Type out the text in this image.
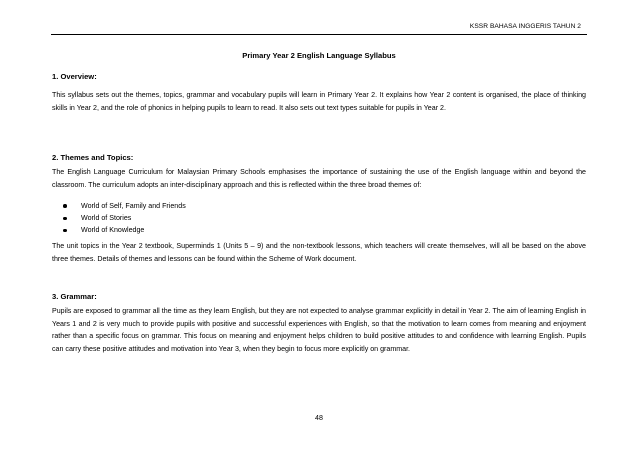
KSSR BAHASA INGGERIS TAHUN 2
Primary Year 2 English Language Syllabus
1. Overview:

This syllabus sets out the themes, topics, grammar and vocabulary pupils will learn in Primary Year 2. It explains how Year 2 content is organised, the place of thinking skills in Year 2, and the role of phonics in helping pupils to learn to read. It also sets out text types suitable for pupils in Year 2.

2. Themes and Topics:

The English Language Curriculum for Malaysian Primary Schools emphasises the importance of sustaining the use of the English language within and beyond the classroom. The curriculum adopts an inter-disciplinary approach and this is reflected within the three broad themes of:

World of Self, Family and Friends
World of Stories
World of Knowledge

The unit topics in the Year 2 textbook, Superminds 1 (Units 5 – 9) and the non-textbook lessons, which teachers will create themselves, will all be based on the above three themes. Details of themes and lessons can be found within the Scheme of Work document.

3. Grammar:

Pupils are exposed to grammar all the time as they learn English, but they are not expected to analyse grammar explicitly in detail in Year 2. The aim of learning English in Years 1 and 2 is very much to provide pupils with positive and successful experiences with English, so that the motivation to learn comes from meaning and enjoyment rather than a specific focus on grammar. This focus on meaning and enjoyment helps children to build positive attitudes to and confidence with learning English. Pupils can carry these positive attitudes and motivation into Year 3, when they begin to focus more explicitly on grammar.

48
